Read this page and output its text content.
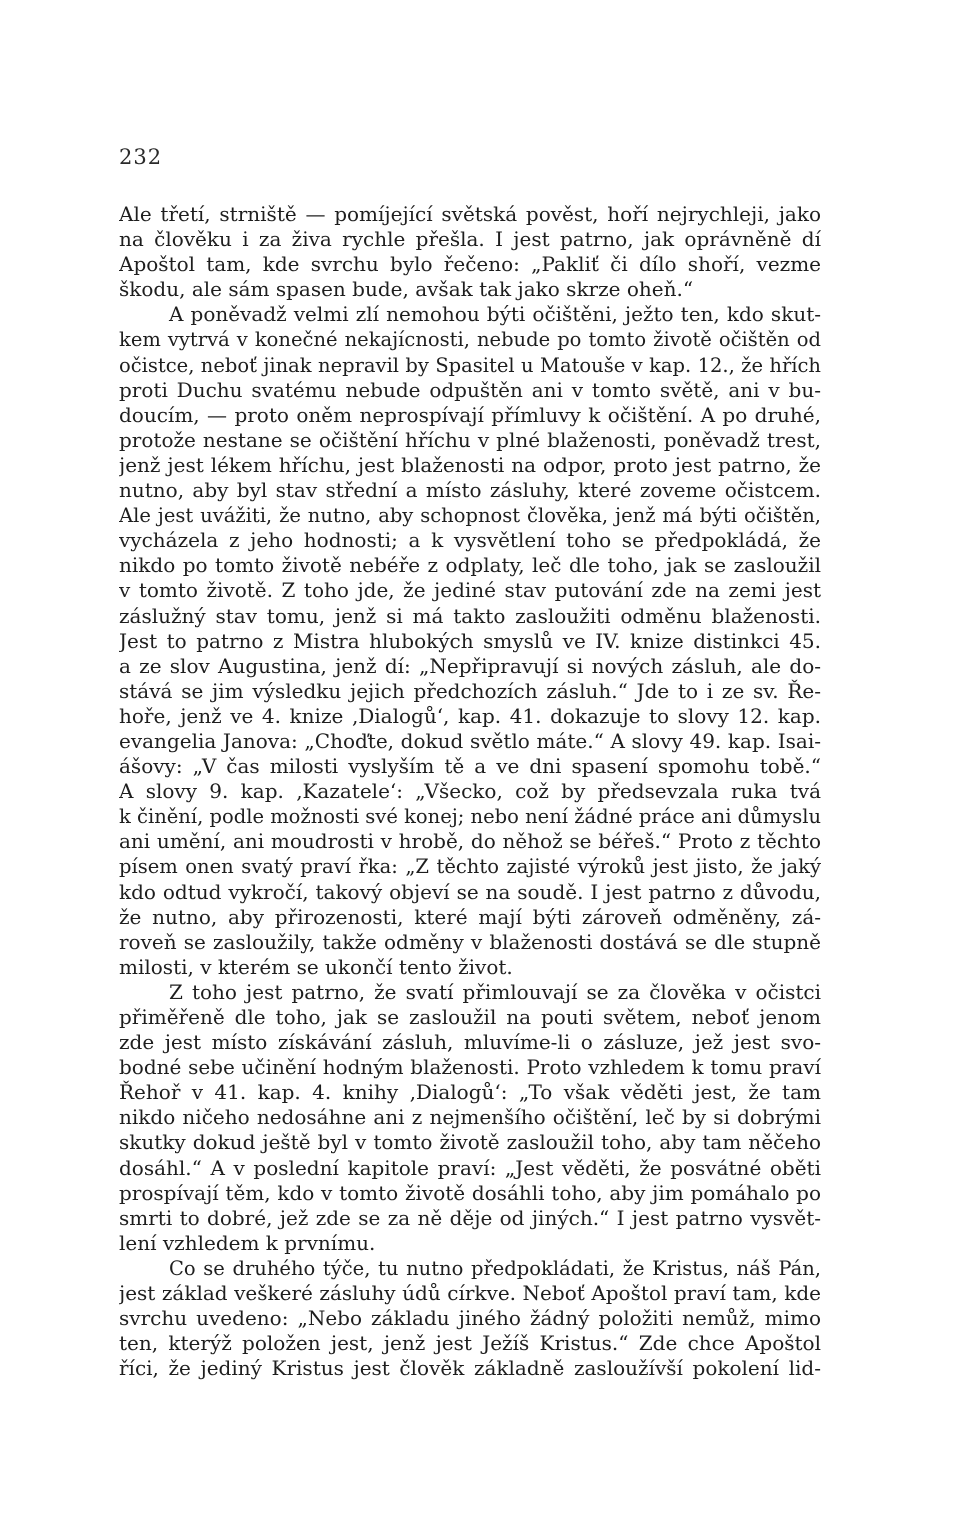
232
Ale třetí, strniště — pomíjející světská pověst, hoří nejrychleji, jako
na člověku i za živa rychle přešla. I jest patrno, jak oprávněně dí
Apoštol tam, kde svrchu bylo řečeno: „Pakliť či dílo shoří, vezme
škodu, ale sám spasen bude, avšak tak jako skrze oheň.“
A poněvadž velmi zlí nemohou býti očištěni, ježto ten, kdo skut-
kem vytrvá v konečné nekajícnosti, nebude po tomto životě očištěn od
očistce, neboť jinak nepravil by Spasitel u Matouše v kap. 12., že hřích
proti Duchu svatému nebude odpuštěn ani v tomto světě, ani v bu-
doucím, — proto oněm neprospívají přímluvy k očištění. A po druhé,
protože nestane se očištění hříchu v plné blaženosti, poněvadž trest,
jenž jest lékem hříchu, jest blaženosti na odpor, proto jest patrno, že
nutno, aby byl stav střední a místo zásluhy, které zoveme očistcem.
Ale jest uvážiti, že nutno, aby schopnost člověka, jenž má býti očištěn,
vycházela z jeho hodnosti; a k vysvětlení toho se předpokládá, že
nikdo po tomto životě nebéře z odplaty, leč dle toho, jak se zasloužil
v tomto životě. Z toho jde, že jediné stav putování zde na zemi jest
záslužný stav tomu, jenž si má takto zasloužiti odměnu blaženosti.
Jest to patrno z Mistra hlubokých smyslů ve IV. knize distinkci 45.
a ze slov Augustina, jenž dí: „Nepřipravují si nových zásluh, ale do-
stává se jim výsledku jejich předchozích zásluh.“ Jde to i ze sv. Ře-
hoře, jenž ve 4. knize ‚Dialogů‘, kap. 41. dokazuje to slovy 12. kap.
evangelia Janova: „Choďte, dokud světlo máte.“ A slovy 49. kap. Isai-
ášovy: „V čas milosti vyslyším tě a ve dni spasení spomohu tobě.“
A slovy 9. kap. ‚Kazatele‘: „Všecko, což by předsevzala ruka tvá
k činění, podle možnosti své konej; nebo není žádné práce ani důmyslu
ani umění, ani moudrosti v hrobě, do něhož se béřeš.“ Proto z těchto
písem onen svatý praví řka: „Z těchto zajisté výroků jest jisto, že jaký
kdo odtud vykročí, takový objeví se na soudě. I jest patrno z důvodu,
že nutno, aby přirozenosti, které mají býti zároveň odměněny, zá-
roveň se zasloužily, takže odměny v blaženosti dostává se dle stupně
milosti, v kterém se ukončí tento život.
Z toho jest patrno, že svatí přimlouvají se za člověka v očistci
přiměřeně dle toho, jak se zasloužil na pouti světem, neboť jenom
zde jest místo získávání zásluh, mluvíme-li o zásluze, jež jest svo-
bodné sebe učinění hodným blaženosti. Proto vzhledem k tomu praví
Řehoř v 41. kap. 4. knihy ‚Dialogů‘: „To však věděti jest, že tam
nikdo ničeho nedosáhne ani z nejmenšího očištění, leč by si dobrými
skutky dokud ještě byl v tomto životě zasloužil toho, aby tam něčeho
dosáhl.“ A v poslední kapitole praví: „Jest věděti, že posvátné oběti
prospívají těm, kdo v tomto životě dosáhli toho, aby jim pomáhalo po
smrti to dobré, jež zde se za ně děje od jiných.“ I jest patrno vysvět-
lení vzhledem k prvnímu.
Co se druhého týče, tu nutno předpokládati, že Kristus, náš Pán,
jest základ veškeré zásluhy údů církve. Neboť Apoštol praví tam, kde
svrchu uvedeno: „Nebo základu jiného žádný položiti nemůž, mimo
ten, kterýž položen jest, jenž jest Ježíš Kristus.“ Zde chce Apoštol
říci, že jediný Kristus jest člověk základně zasloužívší pokolení lid-
